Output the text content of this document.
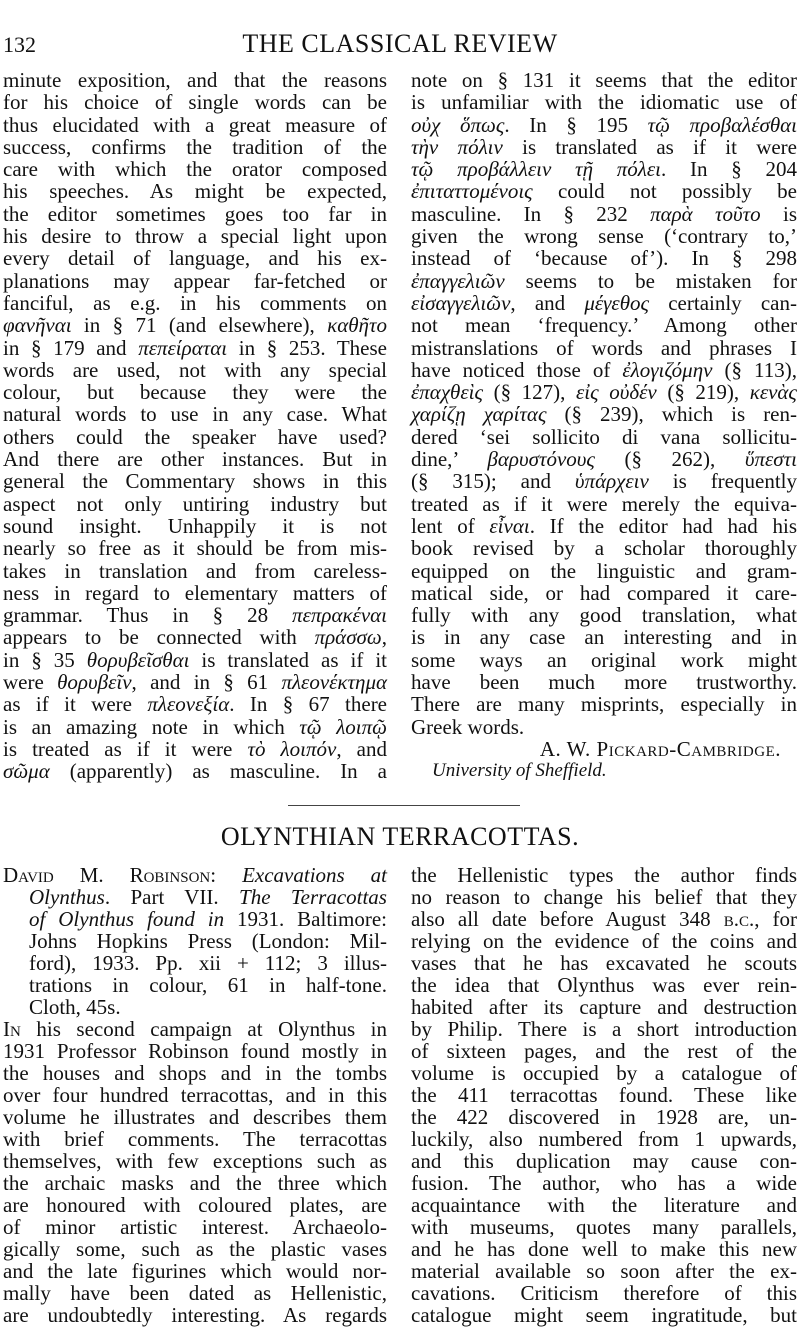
132	THE CLASSICAL REVIEW
minute exposition, and that the reasons
for his choice of single words can be
thus elucidated with a great measure of
success, confirms the tradition of the
care with which the orator composed
his speeches. As might be expected,
the editor sometimes goes too far in
his desire to throw a special light upon
every detail of language, and his ex-
planations may appear far-fetched or
fanciful, as e.g. in his comments on
φανῆναι in § 71 (and elsewhere), καθῆτο
in § 179 and πεπείραται in § 253. These
words are used, not with any special
colour, but because they were the
natural words to use in any case. What
others could the speaker have used?
And there are other instances. But in
general the Commentary shows in this
aspect not only untiring industry but
sound insight. Unhappily it is not
nearly so free as it should be from mis-
takes in translation and from careless-
ness in regard to elementary matters of
grammar. Thus in § 28 πεπρακέναι
appears to be connected with πράσσω,
in § 35 θορυβεῖσθαι is translated as if it
were θορυβεῖν, and in § 61 πλεονέκτημα
as if it were πλεονεξία. In § 67 there
is an amazing note in which τῷ λοιπῷ
is treated as if it were τὸ λοιπόν, and
σῶμα (apparently) as masculine. In a
note on § 131 it seems that the editor
is unfamiliar with the idiomatic use of
οὐχ ὅπως. In § 195 τῷ προβαλέσθαι
τὴν πόλιν is translated as if it were
τῷ προβάλλειν τῇ πόλει. In § 204
ἐπιταττομένοις could not possibly be
masculine. In § 232 παρὰ τοῦτο is
given the wrong sense (‘contrary to,’
instead of ‘because of’). In § 298
ἐπαγγελιῶν seems to be mistaken for
εἰσαγγελιῶν, and μέγεθος certainly can-
not mean ‘frequency.’ Among other
mistranslations of words and phrases I
have noticed those of ἐλογιζόμην (§ 113),
ἐπαχθεὶς (§ 127), εἰς οὐδέν (§ 219), κενὰς
χαρίζῃ χαρίτας (§ 239), which is ren-
dered ‘sei sollicito di vana sollicitu-
dine,’ βαρυστόνους (§ 262), ὕπεστι
(§ 315); and ὑπάρχειν is frequently
treated as if it were merely the equiva-
lent of εἶναι. If the editor had had his
book revised by a scholar thoroughly
equipped on the linguistic and gram-
matical side, or had compared it care-
fully with any good translation, what
is in any case an interesting and in
some ways an original work might
have been much more trustworthy.
There are many misprints, especially in
Greek words.
A. W. Pickard-Cambridge.
University of Sheffield.
OLYNTHIAN TERRACOTTAS.
David M. Robinson: Excavations at
Olynthus. Part VII. The Terracottas
of Olynthus found in 1931. Baltimore:
Johns Hopkins Press (London: Mil-
ford), 1933. Pp. xii + 112; 3 illus-
trations in colour, 61 in half-tone.
Cloth, 45s.
In his second campaign at Olynthus in
1931 Professor Robinson found mostly in
the houses and shops and in the tombs
over four hundred terracottas, and in this
volume he illustrates and describes them
with brief comments. The terracottas
themselves, with few exceptions such as
the archaic masks and the three which
are honoured with coloured plates, are
of minor artistic interest. Archaeolo-
gically some, such as the plastic vases
and the late figurines which would nor-
mally have been dated as Hellenistic,
are undoubtedly interesting. As regards
the Hellenistic types the author finds
no reason to change his belief that they
also all date before August 348 b.c., for
relying on the evidence of the coins and
vases that he has excavated he scouts
the idea that Olynthus was ever rein-
habited after its capture and destruction
by Philip. There is a short introduction
of sixteen pages, and the rest of the
volume is occupied by a catalogue of
the 411 terracottas found. These like
the 422 discovered in 1928 are, un-
luckily, also numbered from 1 upwards,
and this duplication may cause con-
fusion. The author, who has a wide
acquaintance with the literature and
with museums, quotes many parallels,
and he has done well to make this new
material available so soon after the ex-
cavations. Criticism therefore of this
catalogue might seem ingratitude, but
